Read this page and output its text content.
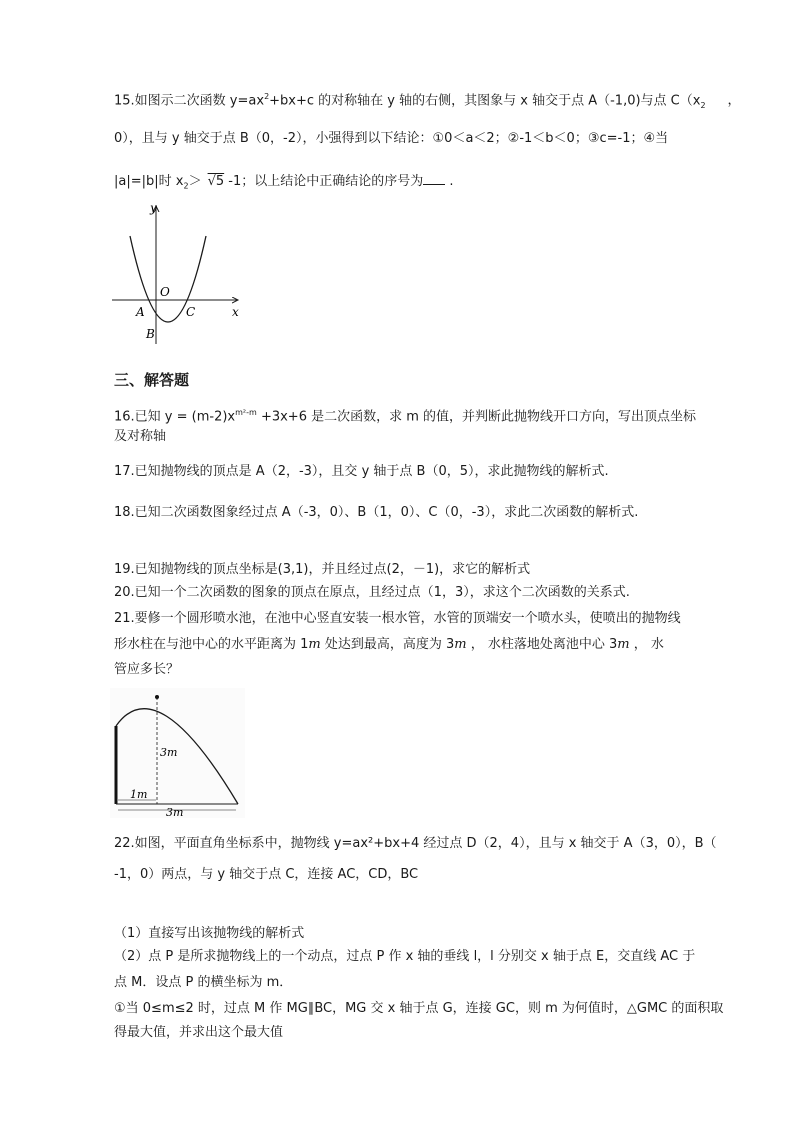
15.如图示二次函数 $y=ax^2+bx+c$ 的对称轴在 y 轴的右侧，其图象与 x 轴交于点 A（-1,0)与点 $C(x_2$ ，
0），且与 y 轴交于点 B（0，-2），小强得到以下结论：①0＜a＜2；②-1＜b＜0；③c=-1；④当
|a|=|b|时 $x_2> √5$ -1；以上结论中正确结论的序号为 .
y
x
O
A
B
C
三、解答题
16.已知 $y = (m-2)x^{m^2-m} +3x+6$ 是二次函数，求 m 的值，并判断此抛物线开口方向，写出顶点坐标
及对称轴
17.已知抛物线的顶点是 A（2，-3），且交 y 轴于点 B（0，5），求此抛物线的解析式.
18.已知二次函数图象经过点 A（-3，0）、B（1，0）、C（0，-3），求此二次函数的解析式.
19.已知抛物线的顶点坐标是(3,1)，并且经过点(2，－1)，求它的解析式
20.已知一个二次函数的图象的顶点在原点，且经过点（1，3），求这个二次函数的关系式.
21.要修一个圆形喷水池，在池中心竖直安装一根水管，水管的顶端安一个喷水头，使喷出的抛物线
形水柱在与池中心的水平距离为 1m 处达到最高，高度为 3m ， 水柱落地处离池中心 3m ， 水
管应多长？
3m
1m
3m
22.如图，平面直角坐标系中，抛物线 y=ax²+bx+4 经过点 D（2，4），且与 x 轴交于 A（3，0），B（
-1，0）两点，与 y 轴交于点 C，连接 AC，CD，BC
（1）直接写出该抛物线的解析式
（2）点 P 是所求抛物线上的一个动点，过点 P 作 x 轴的垂线 l，l 分别交 x 轴于点 E，交直线 AC 于
点 M．设点 P 的横坐标为 m．
①当 0≤m≤2 时，过点 M 作 MG∥BC，MG 交 x 轴于点 G，连接 GC，则 m 为何值时，△GMC 的面积取
得最大值，并求出这个最大值
